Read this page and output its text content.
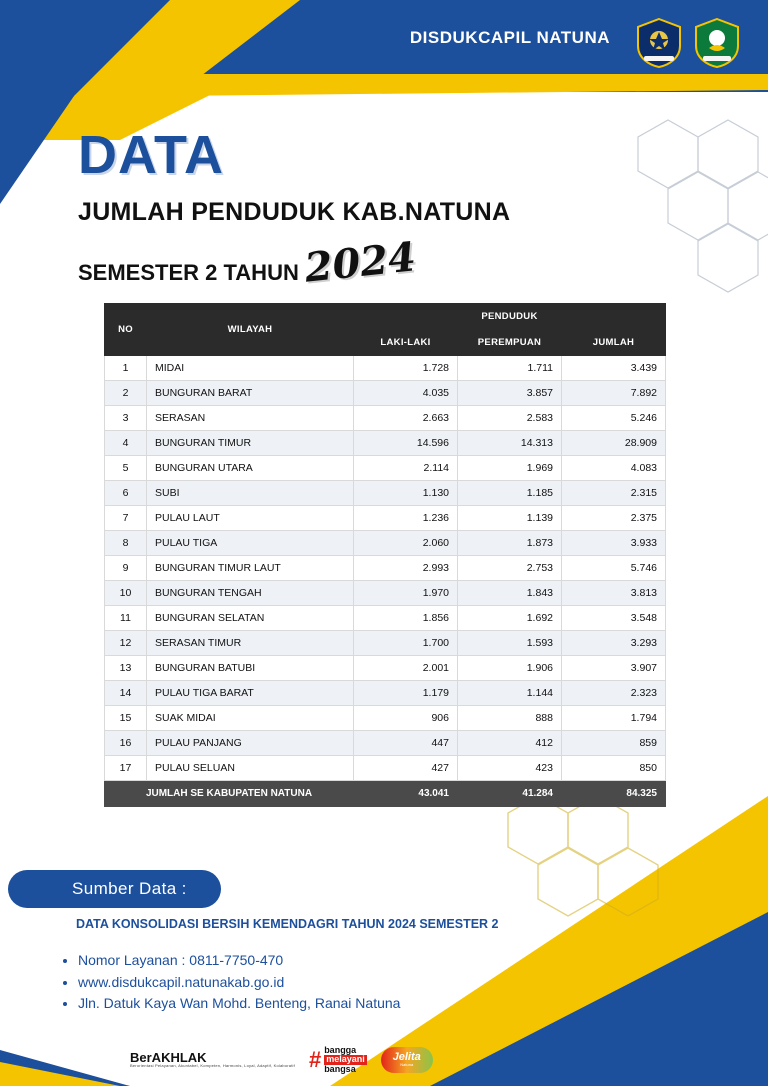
DISDUKCAPIL NATUNA
DATA
JUMLAH PENDUDUK KAB.NATUNA
SEMESTER 2 TAHUN 2024
NO	WILAYAH	PENDUDUK		
		LAKI-LAKI	PEREMPUAN	JUMLAH
1	MIDAI	1.728	1.711	3.439
2	BUNGURAN BARAT	4.035	3.857	7.892
3	SERASAN	2.663	2.583	5.246
4	BUNGURAN TIMUR	14.596	14.313	28.909
5	BUNGURAN UTARA	2.114	1.969	4.083
6	SUBI	1.130	1.185	2.315
7	PULAU LAUT	1.236	1.139	2.375
8	PULAU TIGA	2.060	1.873	3.933
9	BUNGURAN TIMUR LAUT	2.993	2.753	5.746
10	BUNGURAN TENGAH	1.970	1.843	3.813
11	BUNGURAN SELATAN	1.856	1.692	3.548
12	SERASAN TIMUR	1.700	1.593	3.293
13	BUNGURAN BATUBI	2.001	1.906	3.907
14	PULAU TIGA BARAT	1.179	1.144	2.323
15	SUAK MIDAI	906	888	1.794
16	PULAU PANJANG	447	412	859
17	PULAU SELUAN	427	423	850
JUMLAH SE KABUPATEN NATUNA		43.041	41.284	84.325
Sumber Data :
DATA KONSOLIDASI BERSIH KEMENDAGRI TAHUN 2024 SEMESTER 2
• Nomor Layanan : 0811-7750-470
• www.disdukcapil.natunakab.go.id
• Jln. Datuk Kaya Wan Mohd. Benteng, Ranai Natuna
BerAKHLAK
Berorientasi Pelayanan, Akuntabel, Kompeten, Harmonis, Loyal, Adaptif, Kolaboratif # bangga
melayani
bangsa
Jelita
Natuna
